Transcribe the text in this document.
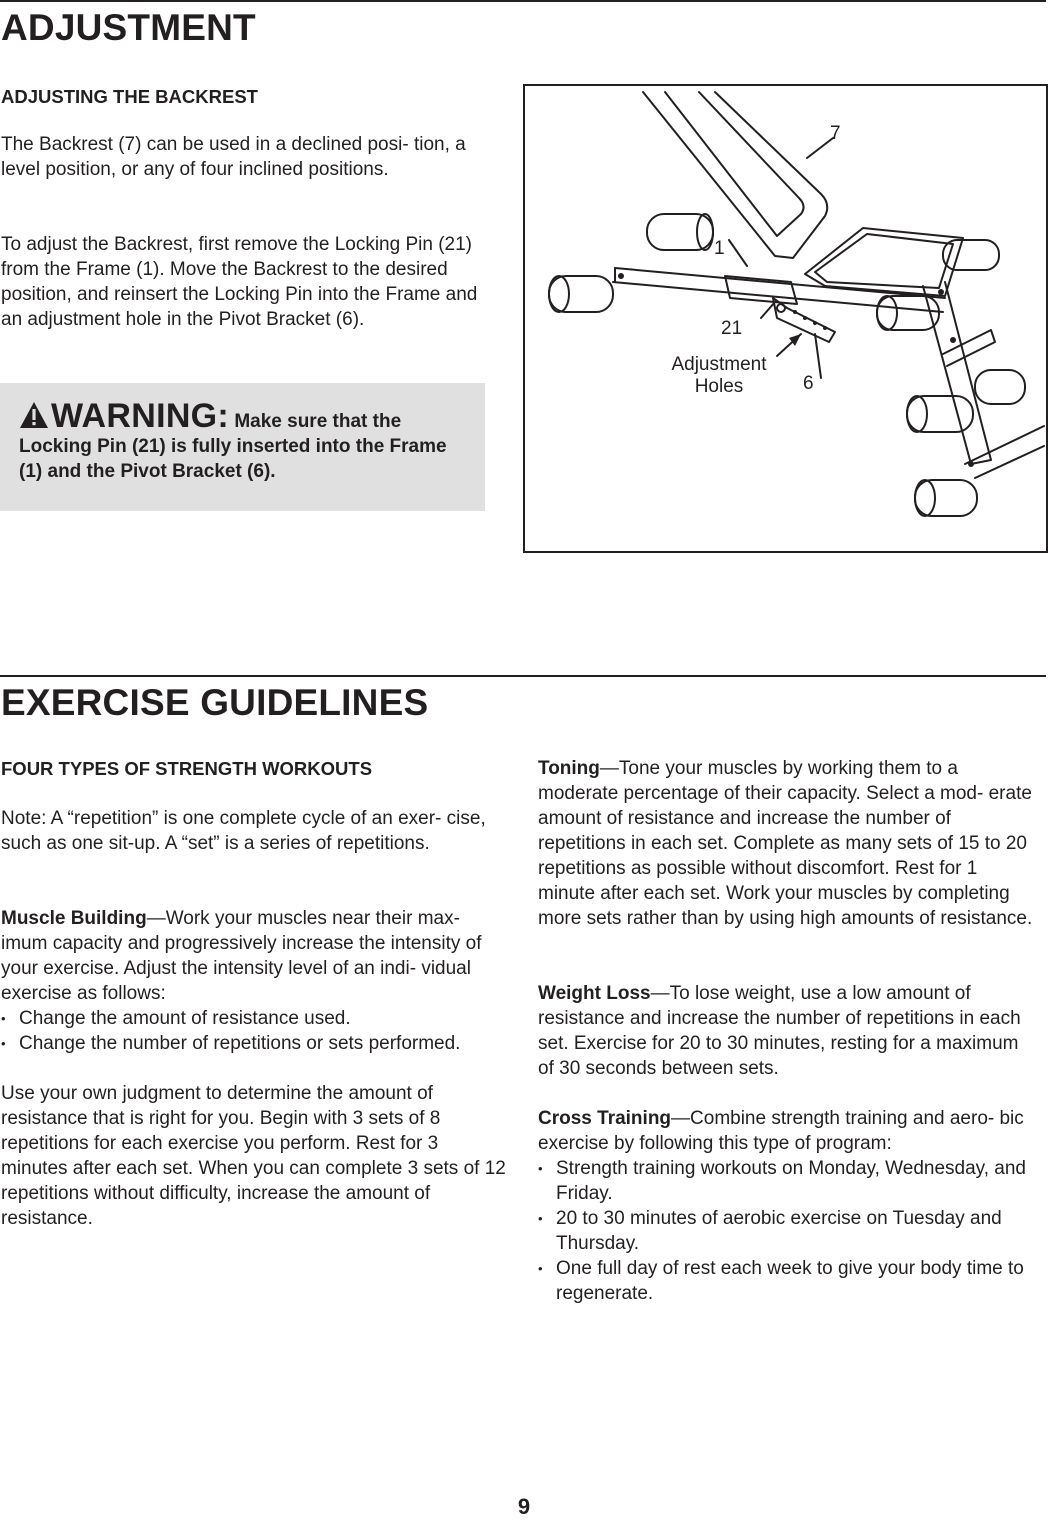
ADJUSTMENT
ADJUSTING THE BACKREST

The Backrest (7) can be used in a declined posi- tion, a level position, or any of four inclined positions.

To adjust the Backrest, first remove the Locking Pin (21) from the Frame (1). Move the Backrest to the desired position, and reinsert the Locking Pin into the Frame and an adjustment hole in the Pivot Bracket (6).

WARNING: Make sure that the Locking Pin (21) is fully inserted into the Frame (1) and the Pivot Bracket (6).

7

1

21

Adjustment Holes	6

EXERCISE GUIDELINES
FOUR TYPES OF STRENGTH WORKOUTS

Note: A “repetition” is one complete cycle of an exer- cise, such as one sit-up. A “set” is a series of repetitions.

Muscle Building—Work your muscles near their max- imum capacity and progressively increase the intensity of your exercise. Adjust the intensity level of an indi- vidual exercise as follows:

• Change the amount of resistance used.
• Change the number of repetitions or sets performed.

Use your own judgment to determine the amount of resistance that is right for you. Begin with 3 sets of 8 repetitions for each exercise you perform. Rest for 3 minutes after each set. When you can complete 3 sets of 12 repetitions without difficulty, increase the amount of resistance.

Toning—Tone your muscles by working them to a moderate percentage of their capacity. Select a mod- erate amount of resistance and increase the number of repetitions in each set. Complete as many sets of 15 to 20 repetitions as possible without discomfort. Rest for 1 minute after each set. Work your muscles by completing more sets rather than by using high amounts of resistance.

Weight Loss—To lose weight, use a low amount of resistance and increase the number of repetitions in each set. Exercise for 20 to 30 minutes, resting for a maximum of 30 seconds between sets.

Cross Training—Combine strength training and aero- bic exercise by following this type of program:

• Strength training workouts on Monday, Wednesday, and Friday.
• 20 to 30 minutes of aerobic exercise on Tuesday and Thursday.
• One full day of rest each week to give your body time to regenerate.

9
